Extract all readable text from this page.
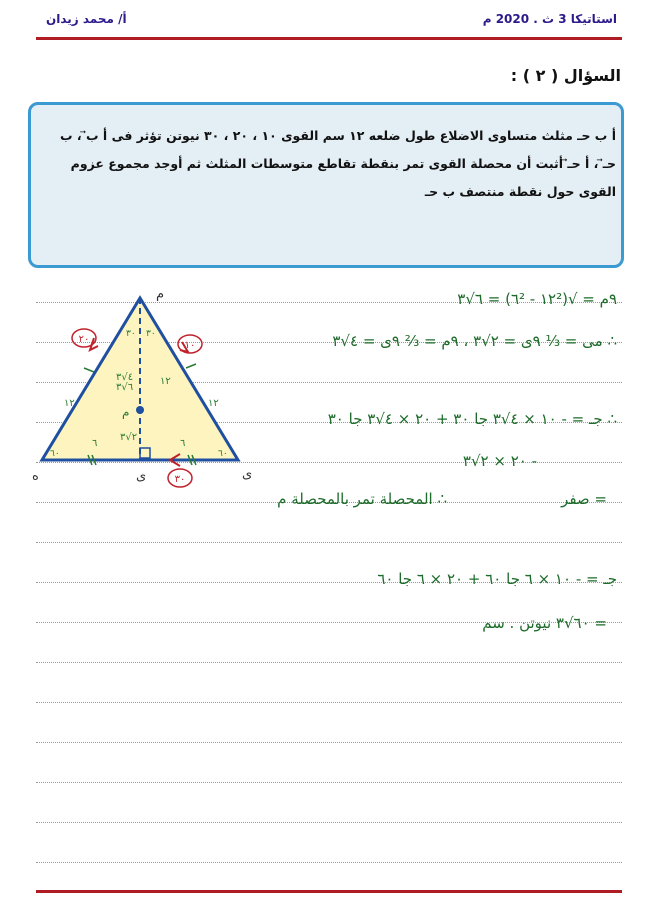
أ/ محمد زيدان	استاتيكا 3 ث . 2020 م
السؤال ( ٢ ) :
أ ب حـ مثلث متساوى الاضلاع طول ضلعه ١٢ سم القوى ١٠ ، ٢٠ ، ٣٠ نيوتن تؤثر فى أ ب⃗ ، ب حـ⃗ ، أ حـ⃗ أثبت أن محصلة القوى تمر بنقطة تقاطع متوسطات المثلث ثم أوجد مجموع عزوم القوى حول نقطة منتصف ب حـ
٢٠
١٠
٣٠
م
ه	ى
ى
م
٤√٣
٢√٣
٦	٦
١٢	١٢
١٢
٦√٣
٣٠ ٣٠
٦٠	٦٠
٩م = √(١٢² - ٦²) = ٦√٣
∴ مى = ⅓ ٩ى = ٢√٣ ، ٩م = ⅔ ٩ى = ٤√٣
∴ جـ = - ١٠ × ٤√٣ جا ٣٠ + ٢٠ × ٤√٣ جا ٣٠
- ٢٠ × ٢√٣
= صفر
∴ المحصلة تمر بالمحصلة م
جـ = - ١٠ × ٦ جا ٦٠ + ٢٠ × ٦ جا ٦٠
= ٦٠√٣ نيوتن . سم
